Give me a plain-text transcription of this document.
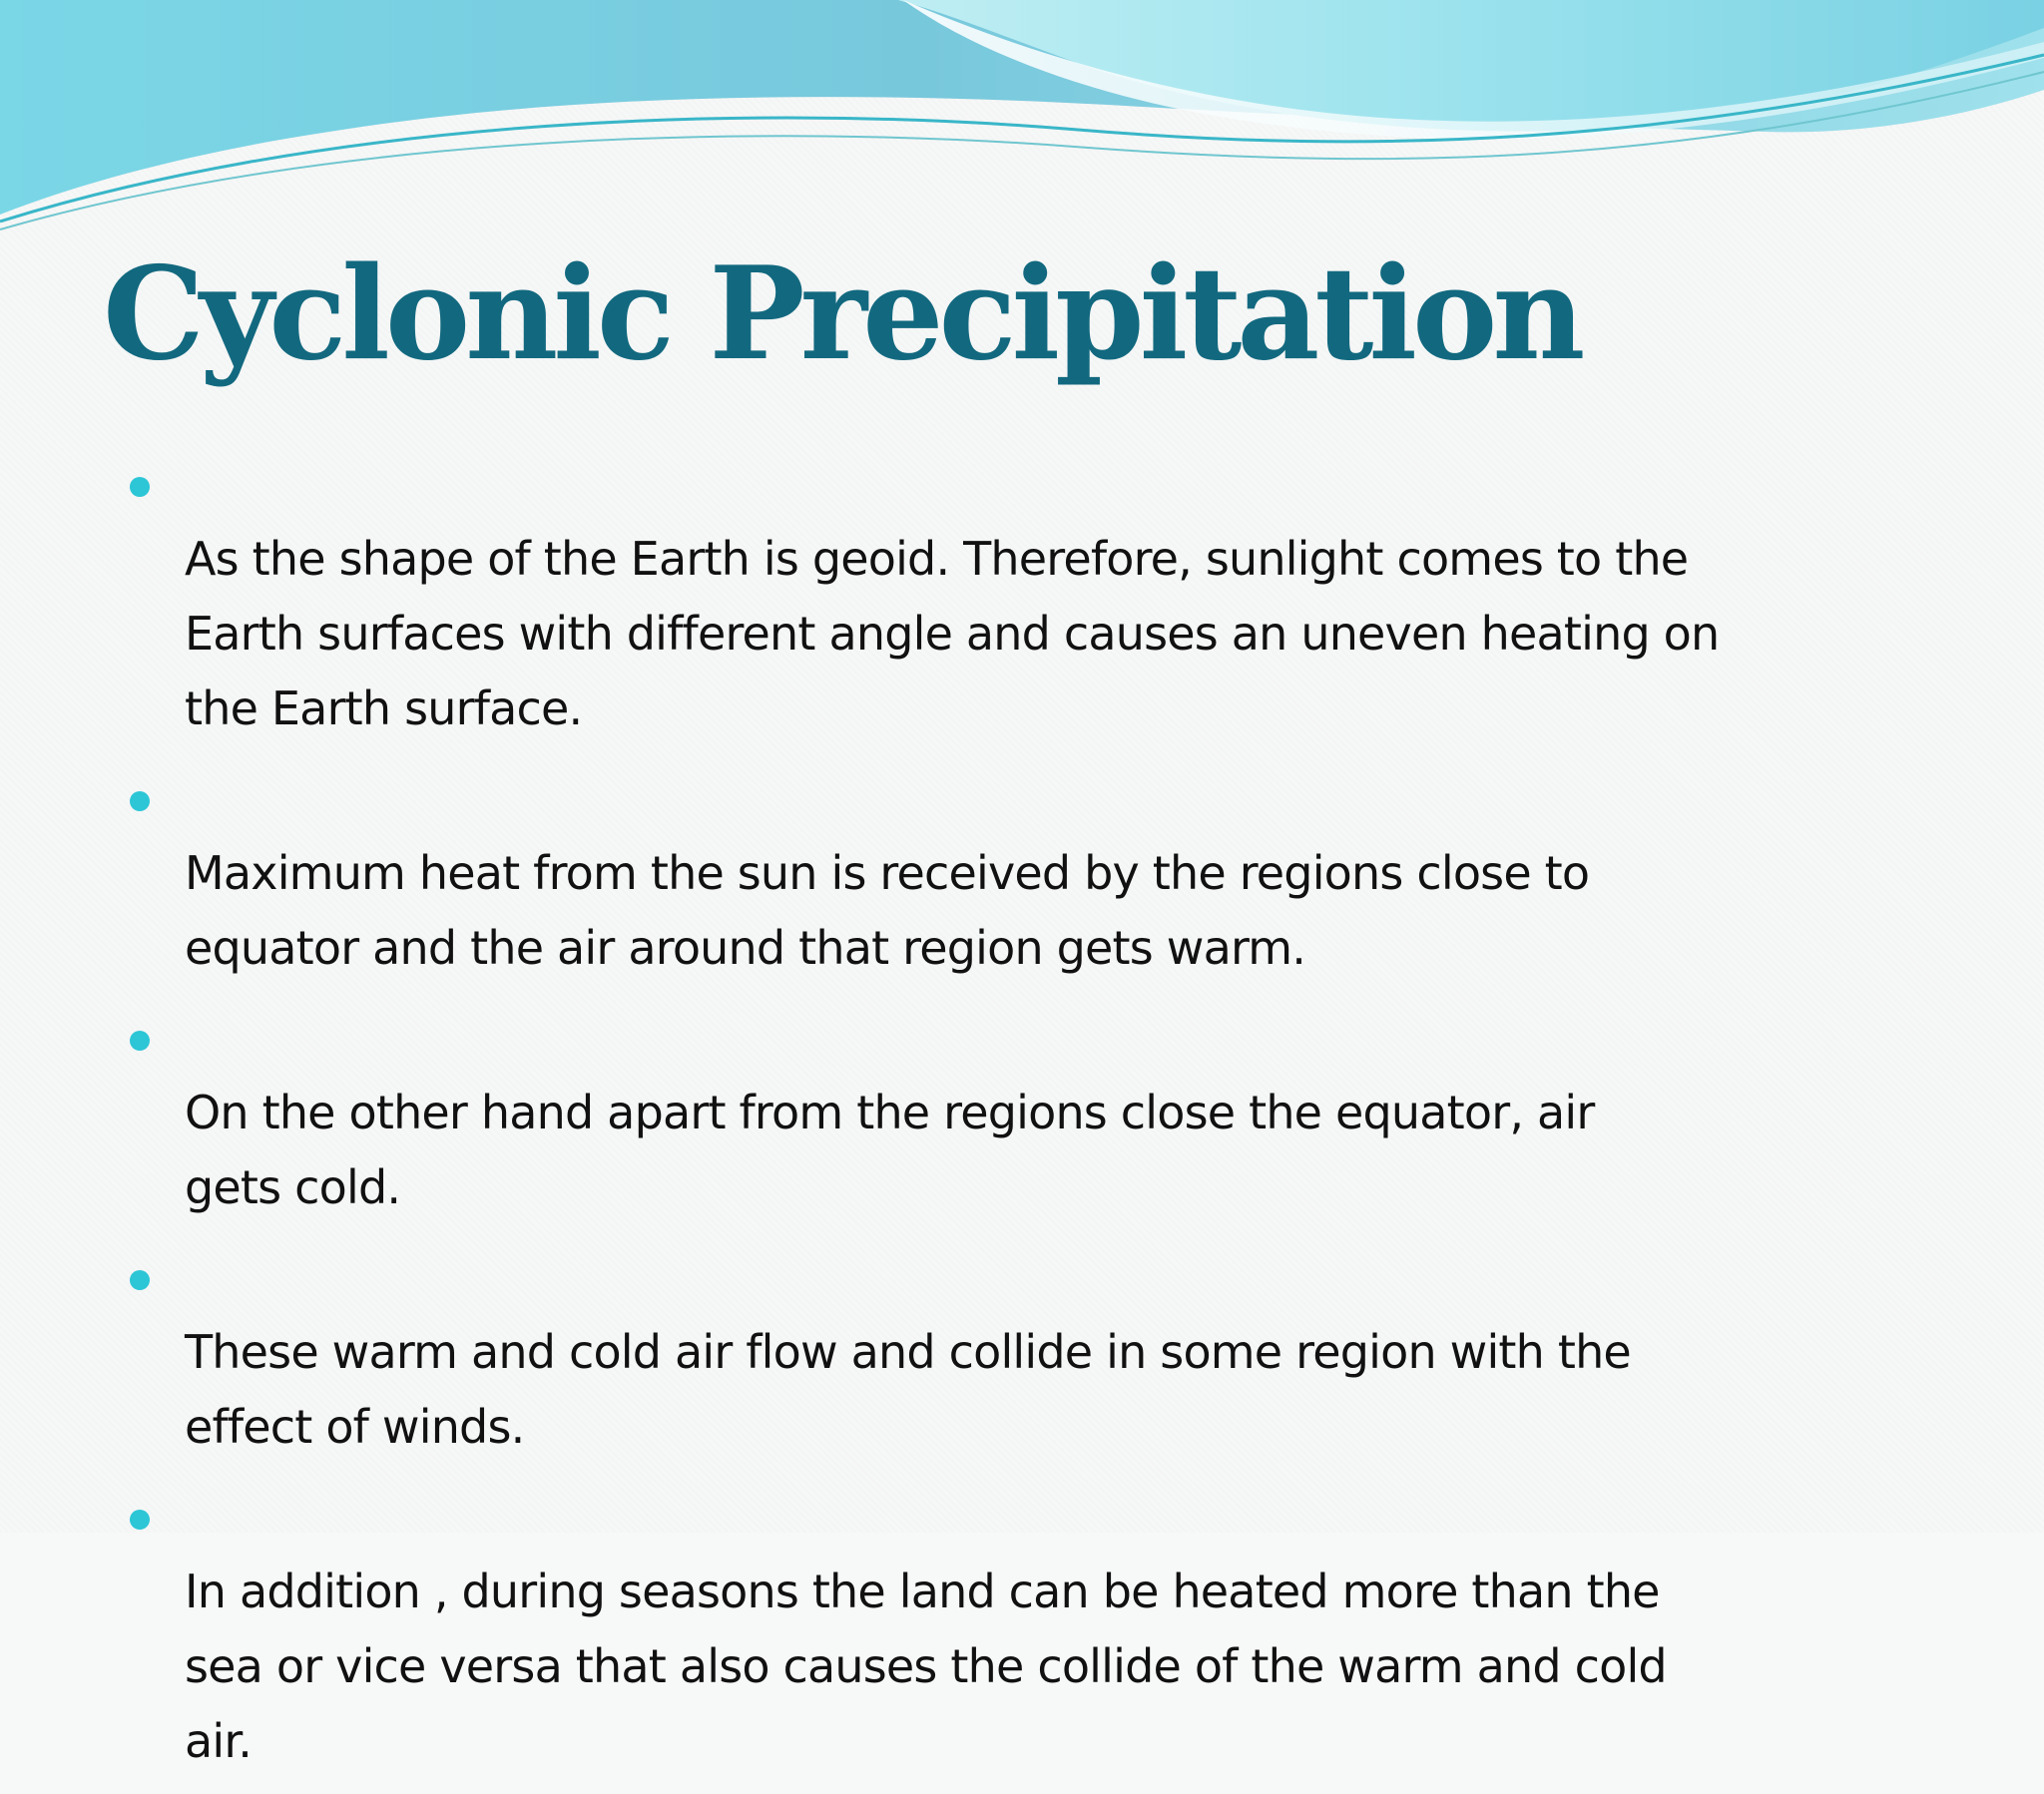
Cyclonic Precipitation

As the shape of the Earth is geoid. Therefore, sunlight comes to the
Earth surfaces with different angle and causes an uneven heating on
the Earth surface.

Maximum heat from the sun is received by the regions close to
equator and the air around that region gets warm.

On the other hand apart from the regions close the equator, air
gets cold.

These warm and cold air flow and collide in some region with the
effect of winds.

In addition , during seasons the land can be heated more than the
sea or vice versa that also causes the collide of the warm and cold
air.
